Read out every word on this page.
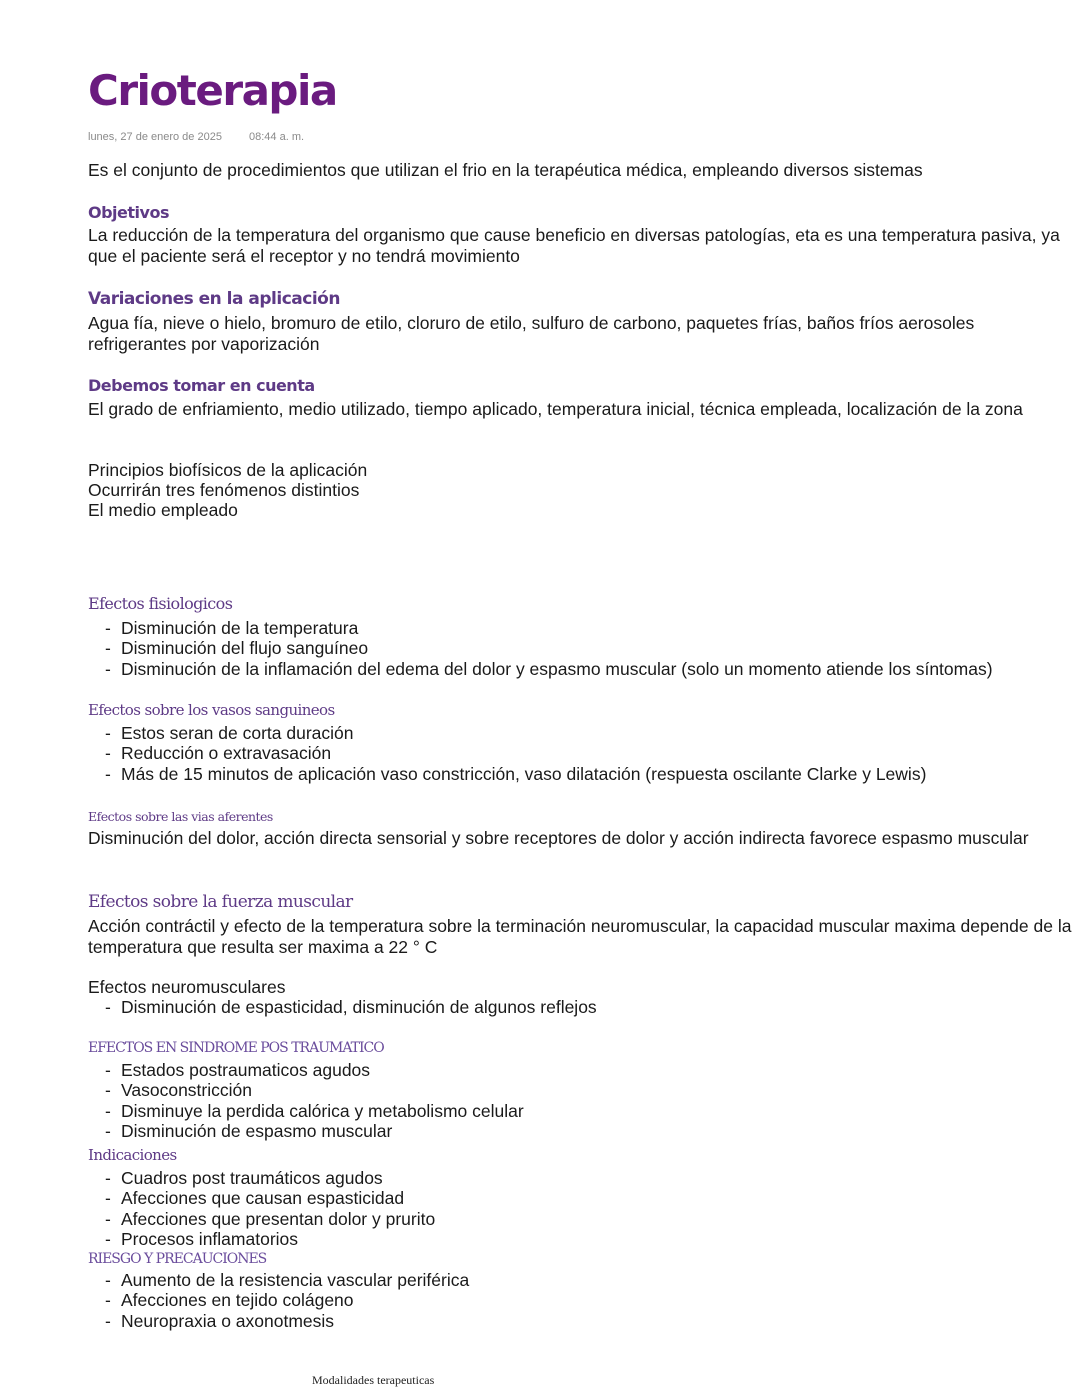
Crioterapia
lunes, 27 de enero de 2025 08:44 a. m.

Es el conjunto de procedimientos que utilizan el frio en la terapéutica médica, empleando diversos sistemas

Objetivos

La reducción de la temperatura del organismo que cause beneficio en diversas patologías, eta es una temperatura pasiva, ya que el paciente será el receptor y no tendrá movimiento

Variaciones en la aplicación

Agua fía, nieve o hielo, bromuro de etilo, cloruro de etilo, sulfuro de carbono, paquetes frías, baños fríos aerosoles refrigerantes por vaporización

Debemos tomar en cuenta

El grado de enfriamiento, medio utilizado, tiempo aplicado, temperatura inicial, técnica empleada, localización de la zona

Principios biofísicos de la aplicación

Ocurrirán tres fenómenos distintios

El medio empleado

Efectos fisiologicos
- Disminución de la temperatura
- Disminución del flujo sanguíneo
- Disminución de la inflamación del edema del dolor y espasmo muscular (solo un momento atiende los síntomas)
Efectos sobre los vasos sanguineos
- Estos seran de corta duración
- Reducción o extravasación
- Más de 15 minutos de aplicación vaso constricción, vaso dilatación (respuesta oscilante Clarke y Lewis)
Efectos sobre las vias aferentes

Disminución del dolor, acción directa sensorial y sobre receptores de dolor y acción indirecta favorece espasmo muscular

Efectos sobre la fuerza muscular

Acción contráctil y efecto de la temperatura sobre la terminación neuromuscular, la capacidad muscular maxima depende de la temperatura que resulta ser maxima a 22 ° C

Efectos neuromusculares

- Disminución de espasticidad, disminución de algunos reflejos
EFECTOS EN SINDROME POS TRAUMATICO
- Estados postraumaticos agudos
- Vasoconstricción
- Disminuye la perdida calórica y metabolismo celular
- Disminución de espasmo muscular
Indicaciones
- Cuadros post traumáticos agudos
- Afecciones que causan espasticidad
- Afecciones que presentan dolor y prurito
- Procesos inflamatorios
RIESGO Y PRECAUCIONES
- Aumento de la resistencia vascular periférica
- Afecciones en tejido colágeno
- Neuropraxia o axonotmesis
Modalidades terapeuticas
